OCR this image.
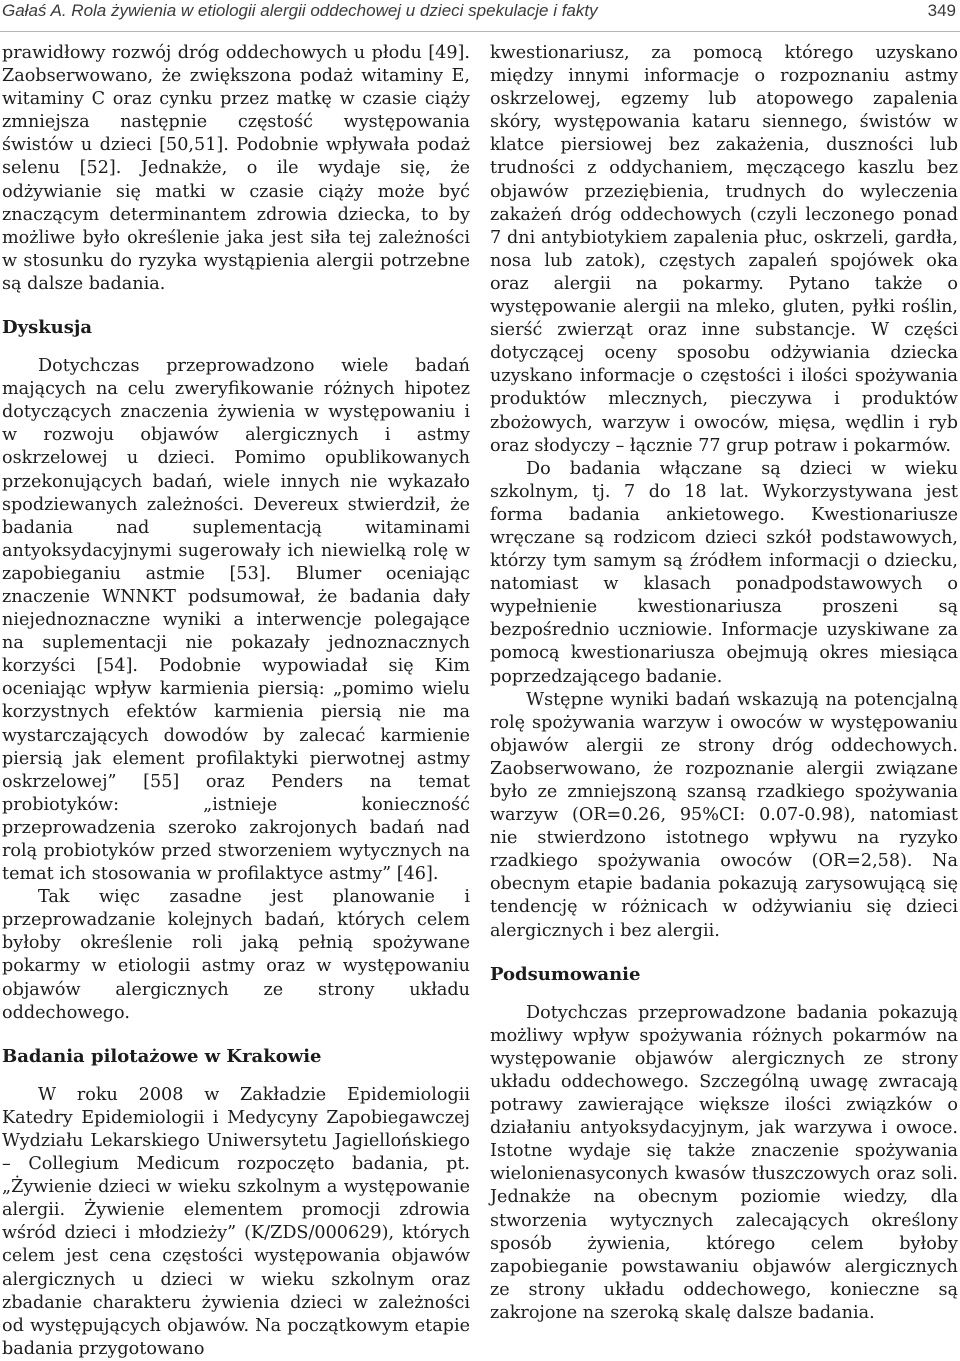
Gałaś A. Rola żywienia w etiologii alergii oddechowej u dzieci spekulacje i fakty	349

prawidłowy rozwój dróg oddechowych u płodu [49]. Zaobserwowano, że zwiększona podaż witaminy E, witaminy C oraz cynku przez matkę w czasie ciąży zmniejsza następnie częstość występowania świstów u dzieci [50,51]. Podobnie wpływała podaż selenu [52]. Jednakże, o ile wydaje się, że odżywianie się matki w czasie ciąży może być znaczącym determinantem zdrowia dziecka, to by możliwe było określenie jaka jest siła tej zależności w stosunku do ryzyka wystąpienia alergii potrzebne są dalsze badania.

Dyskusja

Dotychczas przeprowadzono wiele badań mających na celu zweryfikowanie różnych hipotez dotyczących znaczenia żywienia w występowaniu i w rozwoju objawów alergicznych i astmy oskrzelowej u dzieci. Pomimo opublikowanych przekonujących badań, wiele innych nie wykazało spodziewanych zależności. Devereux stwierdził, że badania nad suplementacją witaminami antyoksydacyjnymi sugerowały ich niewielką rolę w zapobieganiu astmie [53]. Blumer oceniając znaczenie WNNKT podsumował, że badania dały niejednoznaczne wyniki a interwencje polegające na suplementacji nie pokazały jednoznacznych korzyści [54]. Podobnie wypowiadał się Kim oceniając wpływ karmienia piersią: „pomimo wielu korzystnych efektów karmienia piersią nie ma wystarczających dowodów by zalecać karmienie piersią jak element profilaktyki pierwotnej astmy oskrzelowej” [55] oraz Penders na temat probiotyków: „istnieje konieczność przeprowadzenia szeroko zakrojonych badań nad rolą probiotyków przed stworzeniem wytycznych na temat ich stosowania w profilaktyce astmy” [46].

Tak więc zasadne jest planowanie i przeprowadzanie kolejnych badań, których celem byłoby określenie roli jaką pełnią spożywane pokarmy w etiologii astmy oraz w występowaniu objawów alergicznych ze strony układu oddechowego.

Badania pilotażowe w Krakowie

W roku 2008 w Zakładzie Epidemiologii Katedry Epidemiologii i Medycyny Zapobiegawczej Wydziału Lekarskiego Uniwersytetu Jagiellońskiego – Collegium Medicum rozpoczęto badania, pt. „Żywienie dzieci w wieku szkolnym a występowanie alergii. Żywienie elementem promocji zdrowia wśród dzieci i młodzieży” (K/ZDS/000629), których celem jest cena częstości występowania objawów alergicznych u dzieci w wieku szkolnym oraz zbadanie charakteru żywienia dzieci w zależności od występujących objawów. Na początkowym etapie badania przygotowano

kwestionariusz, za pomocą którego uzyskano między innymi informacje o rozpoznaniu astmy oskrzelowej, egzemy lub atopowego zapalenia skóry, występowania kataru siennego, świstów w klatce piersiowej bez zakażenia, duszności lub trudności z oddychaniem, męczącego kaszlu bez objawów przeziębienia, trudnych do wyleczenia zakażeń dróg oddechowych (czyli leczonego ponad 7 dni antybiotykiem zapalenia płuc, oskrzeli, gardła, nosa lub zatok), częstych zapaleń spojówek oka oraz alergii na pokarmy. Pytano także o występowanie alergii na mleko, gluten, pyłki roślin, sierść zwierząt oraz inne substancje. W części dotyczącej oceny sposobu odżywiania dziecka uzyskano informacje o częstości i ilości spożywania produktów mlecznych, pieczywa i produktów zbożowych, warzyw i owoców, mięsa, wędlin i ryb oraz słodyczy – łącznie 77 grup potraw i pokarmów.

Do badania włączane są dzieci w wieku szkolnym, tj. 7 do 18 lat. Wykorzystywana jest forma badania ankietowego. Kwestionariusze wręczane są rodzicom dzieci szkół podstawowych, którzy tym samym są źródłem informacji o dziecku, natomiast w klasach ponadpodstawowych o wypełnienie kwestionariusza proszeni są bezpośrednio uczniowie. Informacje uzyskiwane za pomocą kwestionariusza obejmują okres miesiąca poprzedzającego badanie.

Wstępne wyniki badań wskazują na potencjalną rolę spożywania warzyw i owoców w występowaniu objawów alergii ze strony dróg oddechowych. Zaobserwowano, że rozpoznanie alergii związane było ze zmniejszoną szansą rzadkiego spożywania warzyw (OR=0.26, 95%CI: 0.07-0.98), natomiast nie stwierdzono istotnego wpływu na ryzyko rzadkiego spożywania owoców (OR=2,58). Na obecnym etapie badania pokazują zarysowującą się tendencję w różnicach w odżywianiu się dzieci alergicznych i bez alergii.

Podsumowanie

Dotychczas przeprowadzone badania pokazują możliwy wpływ spożywania różnych pokarmów na występowanie objawów alergicznych ze strony układu oddechowego. Szczególną uwagę zwracają potrawy zawierające większe ilości związków o działaniu antyoksydacyjnym, jak warzywa i owoce. Istotne wydaje się także znaczenie spożywania wielonienasyconych kwasów tłuszczowych oraz soli. Jednakże na obecnym poziomie wiedzy, dla stworzenia wytycznych zalecających określony sposób żywienia, którego celem byłoby zapobieganie powstawaniu objawów alergicznych ze strony układu oddechowego, konieczne są zakrojone na szeroką skalę dalsze badania.
